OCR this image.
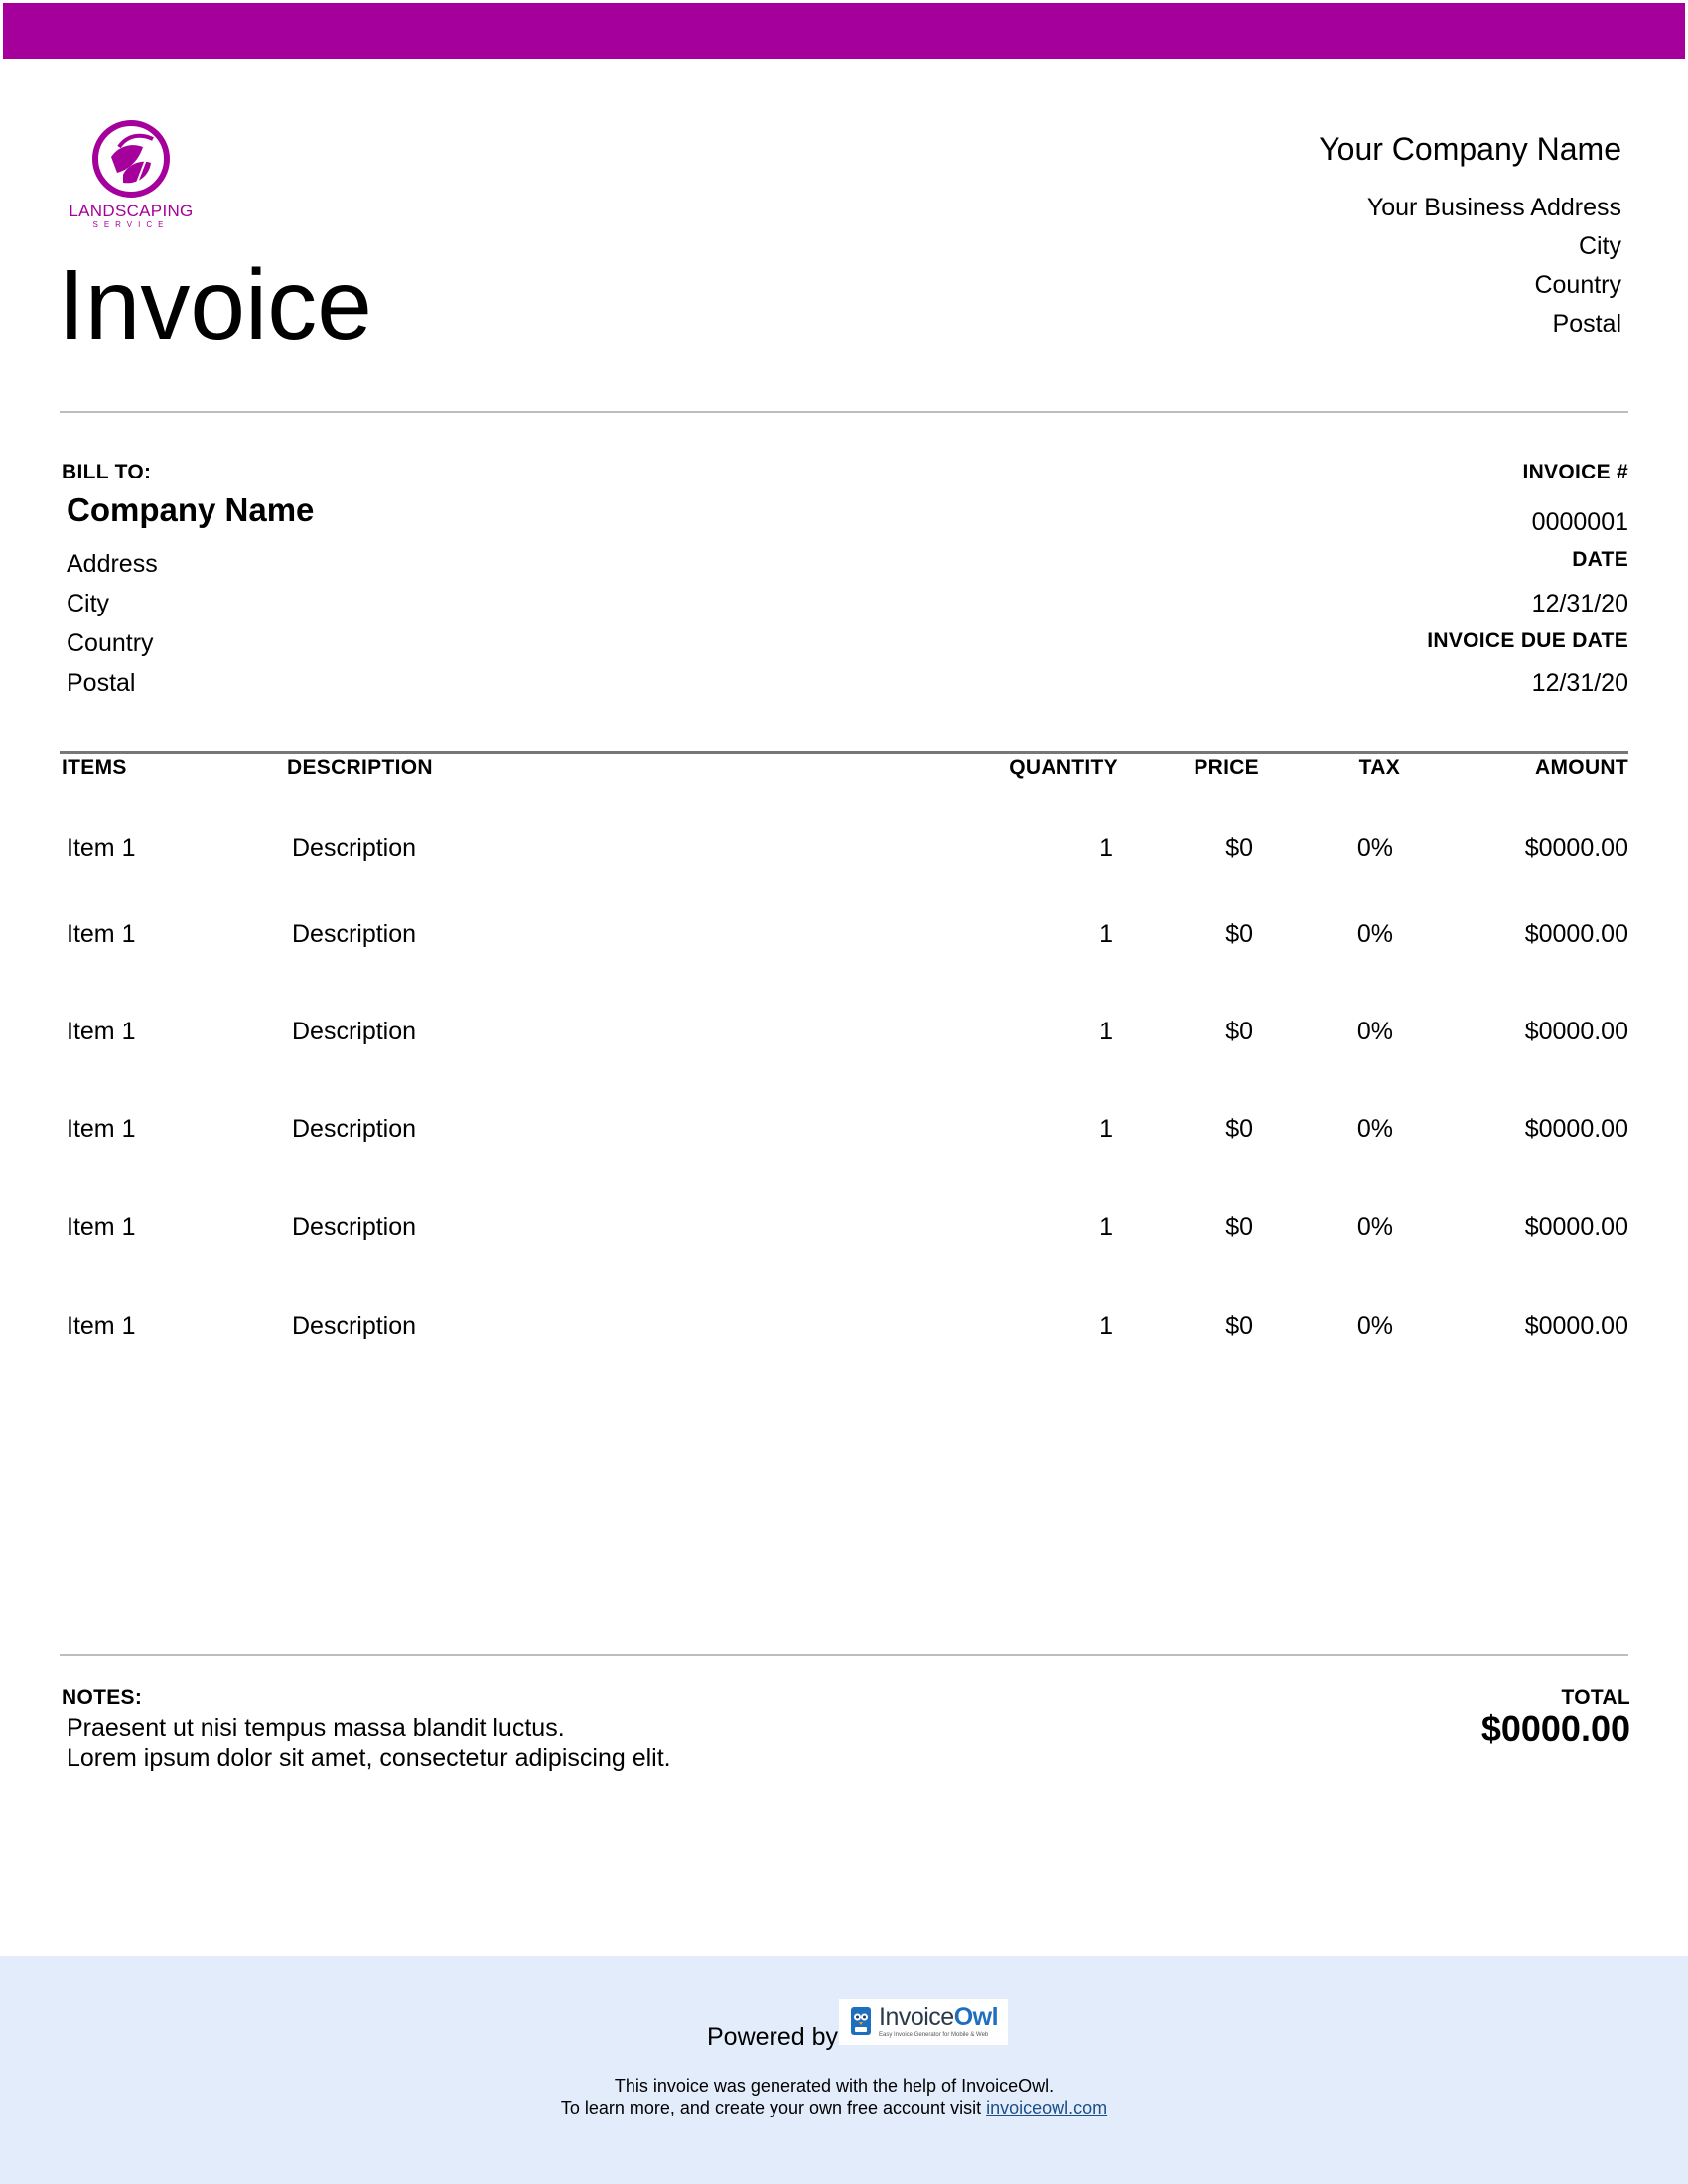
LANDSCAPING
SERVICE
Invoice
Your Company Name
Your Business Address
City
Country
Postal
BILL TO:
Company Name
Address
City
Country
Postal
INVOICE #
0000001
DATE
12/31/20
INVOICE DUE DATE
12/31/20
ITEMS	DESCRIPTION	QUANTITY	PRICE	TAX	AMOUNT
Item 1	Description	1	$0	0%	$0000.00
Item 1	Description	1	$0	0%	$0000.00
Item 1	Description	1	$0	0%	$0000.00
Item 1	Description	1	$0	0%	$0000.00
Item 1	Description	1	$0	0%	$0000.00
Item 1	Description	1	$0	0%	$0000.00
NOTES:
Praesent ut nisi tempus massa blandit luctus.
Lorem ipsum dolor sit amet, consectetur adipiscing elit.
TOTAL
$0000.00
Powered by
InvoiceOwl
Easy Invoice Generator for Mobile & Web
This invoice was generated with the help of InvoiceOwl.
To learn more, and create your own free account visit invoiceowl.com
